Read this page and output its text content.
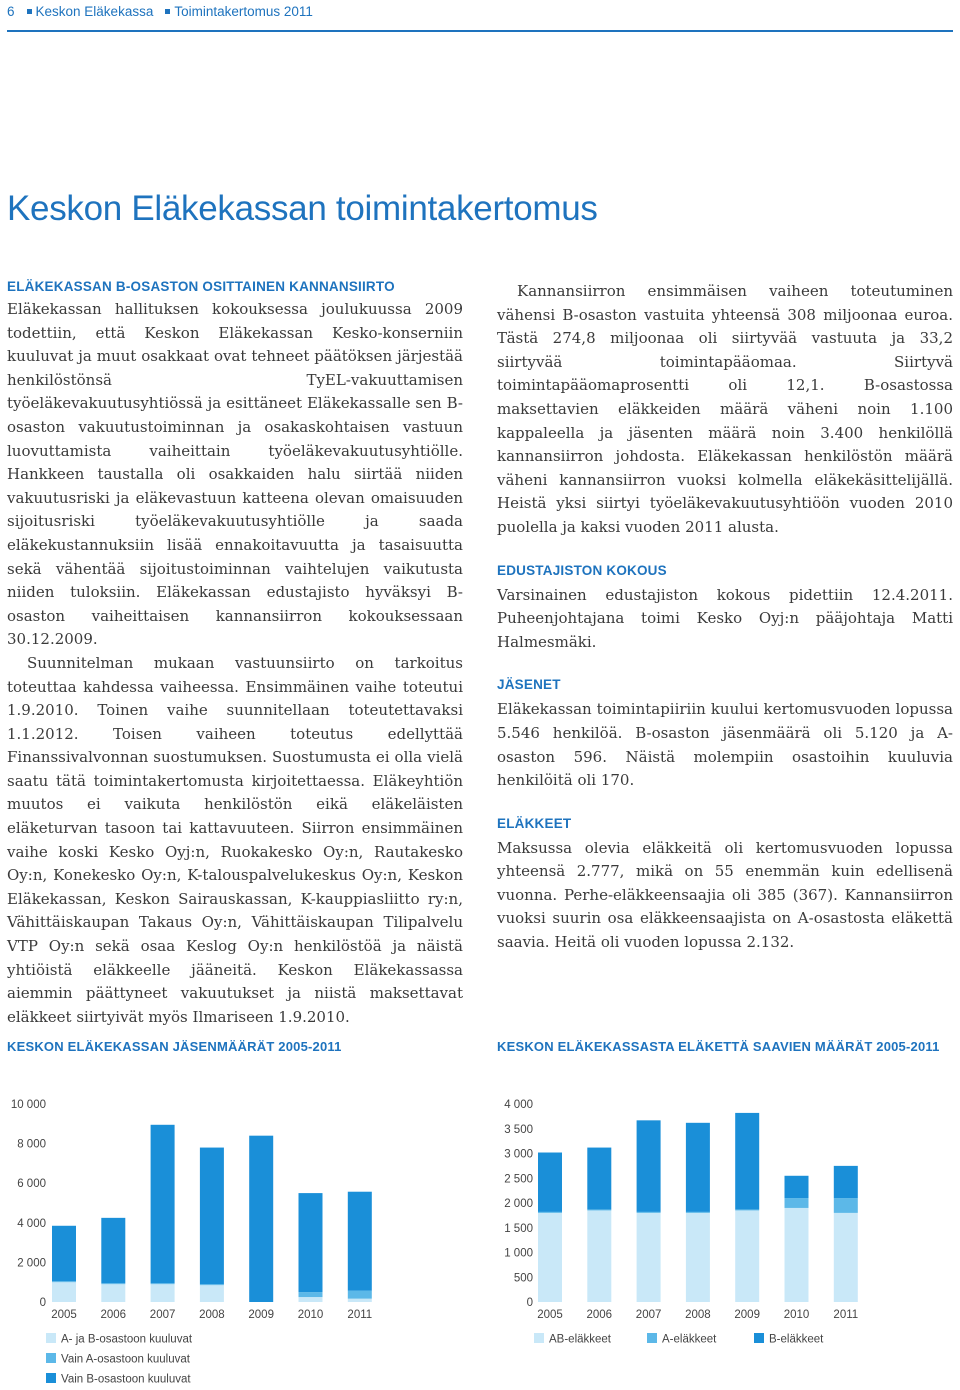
6 Keskon Eläkekassa Toimintakertomus 2011
Keskon Eläkekassan toimintakertomus

ELÄKEKASSAN B-OSASTON OSITTAINEN KANNANSIIRTO

Eläkekassan hallituksen kokouksessa joulukuussa 2009 todettiin, että Keskon Eläkekassan Kesko-konserniin kuuluvat ja muut osakkaat ovat tehneet päätöksen järjestää henkilöstönsä TyEL-vakuuttamisen työeläkevakuutusyhtiössä ja esittäneet Eläkekassalle sen B-osaston vakuutustoiminnan ja osakaskohtaisen vastuun luovuttamista vaiheittain työeläkevakuutusyhtiölle. Hankkeen taustalla oli osakkaiden halu siirtää niiden vakuutusriski ja eläkevastuun katteena olevan omaisuuden sijoitusriski työeläkevakuutusyhtiölle ja saada eläkekustannuksiin lisää ennakoitavuutta ja tasaisuutta sekä vähentää sijoitustoiminnan vaihtelujen vaikutusta niiden tuloksiin. Eläkekassan edustajisto hyväksyi B-osaston vaiheittaisen kannansiirron kokouksessaan 30.12.2009.

Suunnitelman mukaan vastuunsiirto on tarkoitus toteuttaa kahdessa vaiheessa. Ensimmäinen vaihe toteutui 1.9.2010. Toinen vaihe suunnitellaan toteutettavaksi 1.1.2012. Toisen vaiheen toteutus edellyttää Finanssivalvonnan suostumuksen. Suostumusta ei olla vielä saatu tätä toimintakertomusta kirjoitettaessa. Eläkeyhtiön muutos ei vaikuta henkilöstön eikä eläkeläisten eläketurvan tasoon tai kattavuuteen. Siirron ensimmäinen vaihe koski Kesko Oyj:n, Ruokakesko Oy:n, Rautakesko Oy:n, Konekesko Oy:n, K-talouspalvelukeskus Oy:n, Keskon Eläkekassan, Keskon Sairauskassan, K-kauppiasliitto ry:n, Vähittäiskaupan Takaus Oy:n, Vähittäiskaupan Tilipalvelu VTP Oy:n sekä osaa Keslog Oy:n henkilöstöä ja näistä yhtiöistä eläkkeelle jääneitä. Keskon Eläkekassassa aiemmin päättyneet vakuutukset ja niistä maksettavat eläkkeet siirtyivät myös Ilmariseen 1.9.2010.

Kannansiirron ensimmäisen vaiheen toteutuminen vähensi B-osaston vastuita yhteensä 308 miljoonaa euroa. Tästä 274,8 miljoonaa oli siirtyvää vastuuta ja 33,2 siirtyvää toimintapääomaa. Siirtyvä toimintapääomaprosentti oli 12,1. B-osastossa maksettavien eläkkeiden määrä väheni noin 1.100 kappaleella ja jäsenten määrä noin 3.400 henkilöllä kannansiirron johdosta. Eläkekassan henkilöstön määrä väheni kannansiirron vuoksi kolmella eläkekäsittelijällä. Heistä yksi siirtyi työeläkevakuutusyhtiöön vuoden 2010 puolella ja kaksi vuoden 2011 alusta.

EDUSTAJISTON KOKOUS

Varsinainen edustajiston kokous pidettiin 12.4.2011. Puheenjohtajana toimi Kesko Oyj:n pääjohtaja Matti Halmesmäki.

JÄSENET

Eläkekassan toimintapiiriin kuului kertomusvuoden lopussa 5.546 henkilöä. B-osaston jäsenmäärä oli 5.120 ja A-osaston 596. Näistä molempiin osastoihin kuuluvia henkilöitä oli 170.

ELÄKKEET

Maksussa olevia eläkkeitä oli kertomusvuoden lopussa yhteensä 2.777, mikä on 55 enemmän kuin edellisenä vuonna. Perhe-eläkkeensaajia oli 385 (367). Kannansiirron vuoksi suurin osa eläkkeensaajista on A-osastosta eläkettä saavia. Heitä oli vuoden lopussa 2.132.

KESKON ELÄKEKASSAN JÄSENMÄÄRÄT 2005-2011	KESKON ELÄKEKASSASTA ELÄKETTÄ SAAVIEN MÄÄRÄT 2005-2011
0
2 000
4 000
6 000
8 000
10 000
2005 2006 2007 2008 2009 2010 2011
A- ja B-osastoon kuuluvat
Vain A-osastoon kuuluvat
Vain B-osastoon kuuluvat
0
500
1 000
1 500
2 000
2 500
3 000
3 500
4 000
2005 2006 2007 2008 2009 2010 2011
AB-eläkkeet	A-eläkkeet	B-eläkkeet
